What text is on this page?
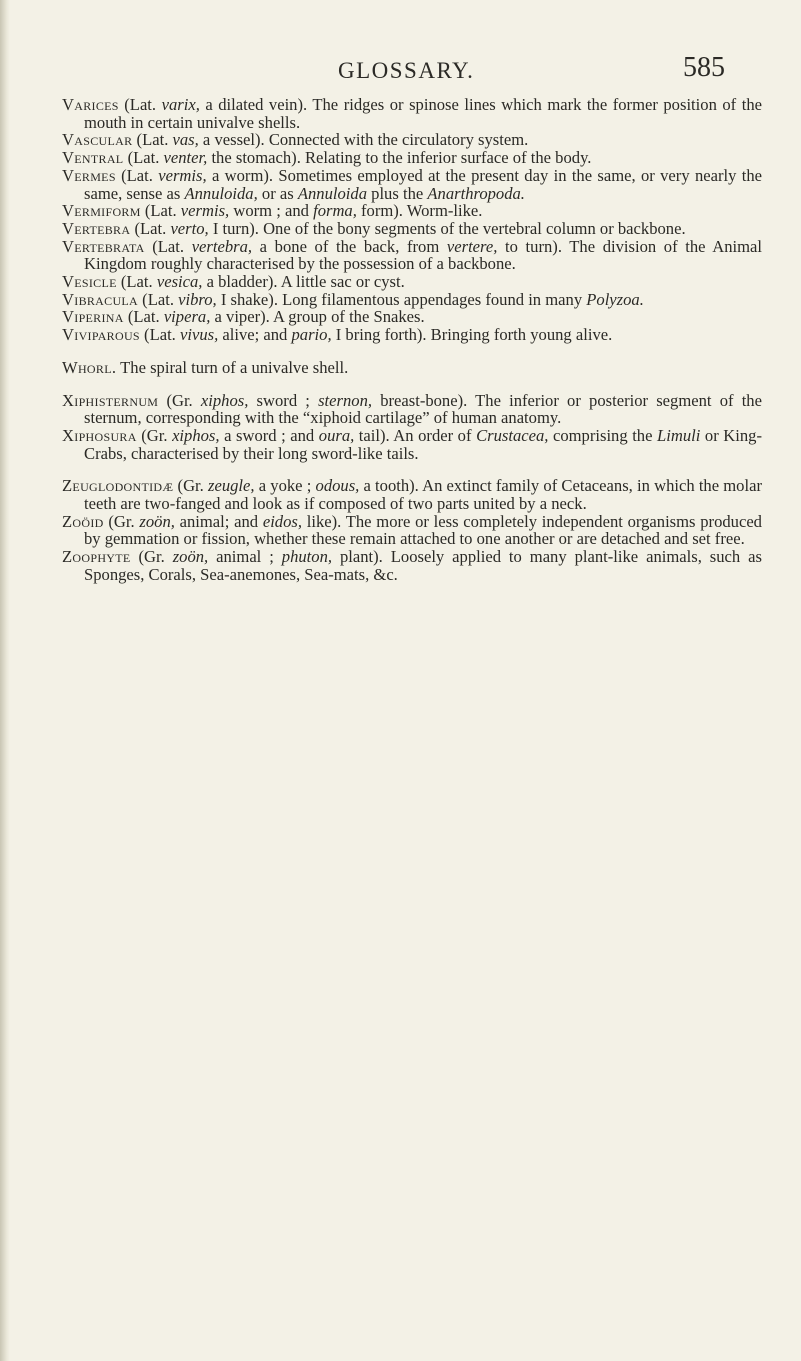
GLOSSARY.	585
Varices (Lat. varix, a dilated vein). The ridges or spinose lines which mark the former position of the mouth in certain univalve shells.
Vascular (Lat. vas, a vessel). Connected with the circulatory system.
Ventral (Lat. venter, the stomach). Relating to the inferior surface of the body.
Vermes (Lat. vermis, a worm). Sometimes employed at the present day in the same, or very nearly the same, sense as Annuloida, or as Annuloida plus the Anarthropoda.
Vermiform (Lat. vermis, worm ; and forma, form). Worm-like.
Vertebra (Lat. verto, I turn). One of the bony segments of the vertebral column or backbone.
Vertebrata (Lat. vertebra, a bone of the back, from vertere, to turn). The division of the Animal Kingdom roughly characterised by the possession of a backbone.
Vesicle (Lat. vesica, a bladder). A little sac or cyst.
Vibracula (Lat. vibro, I shake). Long filamentous appendages found in many Polyzoa.
Viperina (Lat. vipera, a viper). A group of the Snakes.
Viviparous (Lat. vivus, alive; and pario, I bring forth). Bringing forth young alive.
Whorl. The spiral turn of a univalve shell.
Xiphisternum (Gr. xiphos, sword ; sternon, breast-bone). The inferior or posterior segment of the sternum, corresponding with the “xiphoid cartilage” of human anatomy.
Xiphosura (Gr. xiphos, a sword ; and oura, tail). An order of Crustacea, comprising the Limuli or King-Crabs, characterised by their long sword-like tails.
Zeuglodontidæ (Gr. zeugle, a yoke ; odous, a tooth). An extinct family of Cetaceans, in which the molar teeth are two-fanged and look as if composed of two parts united by a neck.
Zoöid (Gr. zoön, animal; and eidos, like). The more or less completely independent organisms produced by gemmation or fission, whether these remain attached to one another or are detached and set free.
Zoophyte (Gr. zoön, animal ; phuton, plant). Loosely applied to many plant-like animals, such as Sponges, Corals, Sea-anemones, Sea-mats, &c.
